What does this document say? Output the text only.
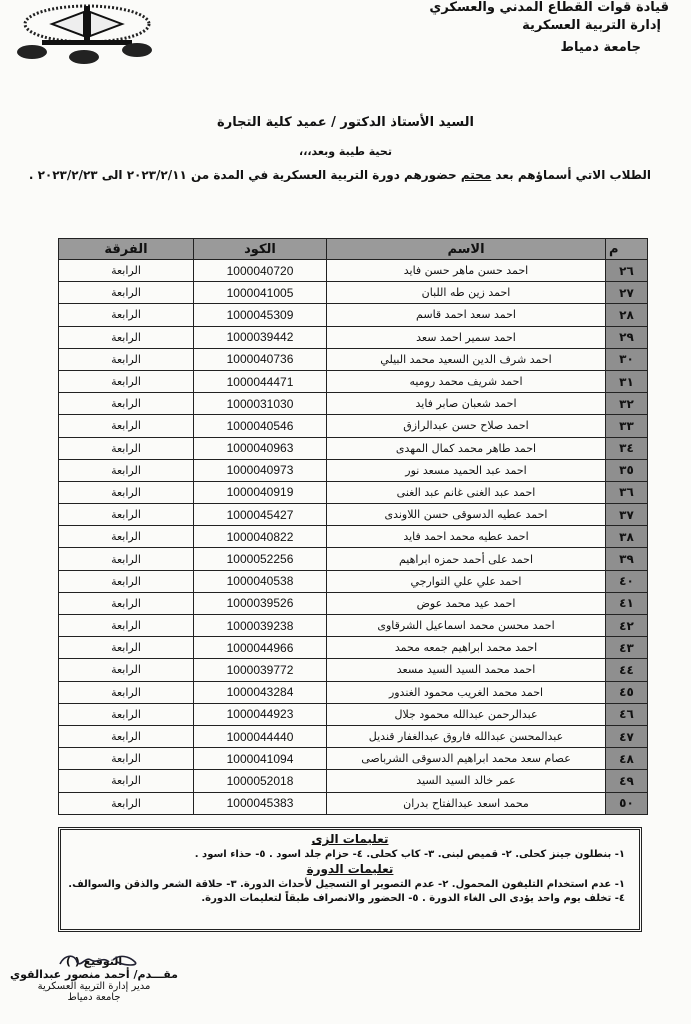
قيادة قوات القطاع المدني والعسكري
إدارة التربية العسكرية
جامعة دمياط
السيد الأستاذ الدكتور / عميد كلية التجارة
تحية طيبة وبعد،،،
الطلاب الاتي أسماؤهم بعد محتم حضورهم دورة التربية العسكرية في المدة من ٢٠٢٣/٢/١١ الى ٢٠٢٣/٢/٢٣ .
م	الاسم	الكود	الفرقة
٢٦	احمد حسن ماهر حسن فايد	1000040720	الرابعة
٢٧	احمد زين طه اللبان	1000041005	الرابعة
٢٨	احمد سعد احمد قاسم	1000045309	الرابعة
٢٩	احمد سمير احمد سعد	1000039442	الرابعة
٣٠	احمد شرف الدين السعيد محمد البيلي	1000040736	الرابعة
٣١	احمد شريف محمد روميه	1000044471	الرابعة
٣٢	احمد شعبان صابر فايد	1000031030	الرابعة
٣٣	احمد صلاح حسن عبدالرازق	1000040546	الرابعة
٣٤	احمد طاهر محمد كمال المهدى	1000040963	الرابعة
٣٥	احمد عبد الحميد مسعد نور	1000040973	الرابعة
٣٦	احمد عبد الغنى غانم عبد الغنى	1000040919	الرابعة
٣٧	احمد عطيه الدسوقى حسن اللاوندى	1000045427	الرابعة
٣٨	احمد عطيه محمد احمد فايد	1000040822	الرابعة
٣٩	احمد على أحمد حمزه ابراهيم	1000052256	الرابعة
٤٠	احمد علي علي التوارجي	1000040538	الرابعة
٤١	احمد عيد محمد عوض	1000039526	الرابعة
٤٢	احمد محسن محمد اسماعيل الشرقاوى	1000039238	الرابعة
٤٣	احمد محمد ابراهيم جمعه محمد	1000044966	الرابعة
٤٤	احمد محمد السيد السيد مسعد	1000039772	الرابعة
٤٥	احمد محمد الغريب محمود الغندور	1000043284	الرابعة
٤٦	عبدالرحمن عبدالله محمود جلال	1000044923	الرابعة
٤٧	عبدالمحسن عبدالله فاروق عبدالغفار قنديل	1000044440	الرابعة
٤٨	عصام سعد محمد ابراهيم الدسوقى الشرباصى	1000041094	الرابعة
٤٩	عمر خالد السيد السيد	1000052018	الرابعة
٥٠	محمد اسعد عبدالفتاح بدران	1000045383	الرابعة
تعليمات الزى
١- بنطلون جينز كحلى. ٢- قميص لبنى. ٣- كاب كحلى. ٤- حزام جلد اسود . ٥- حذاء اسود .
تعليمات الدورة
١- عدم استخدام التليفون المحمول. ٢- عدم التصوير او التسجيل لأحداث الدورة. ٣- حلاقة الشعر والذقن والسوالف.
٤- تخلف يوم واحد يؤدى الى الغاء الدورة . ٥- الحضور والانصراف طبقاً لتعليمات الدورة.
التوقيع ( )
مقـــدم/ أحمد منصور عبدالقوي
مدير إدارة التربية العسكرية
جامعة دمياط
